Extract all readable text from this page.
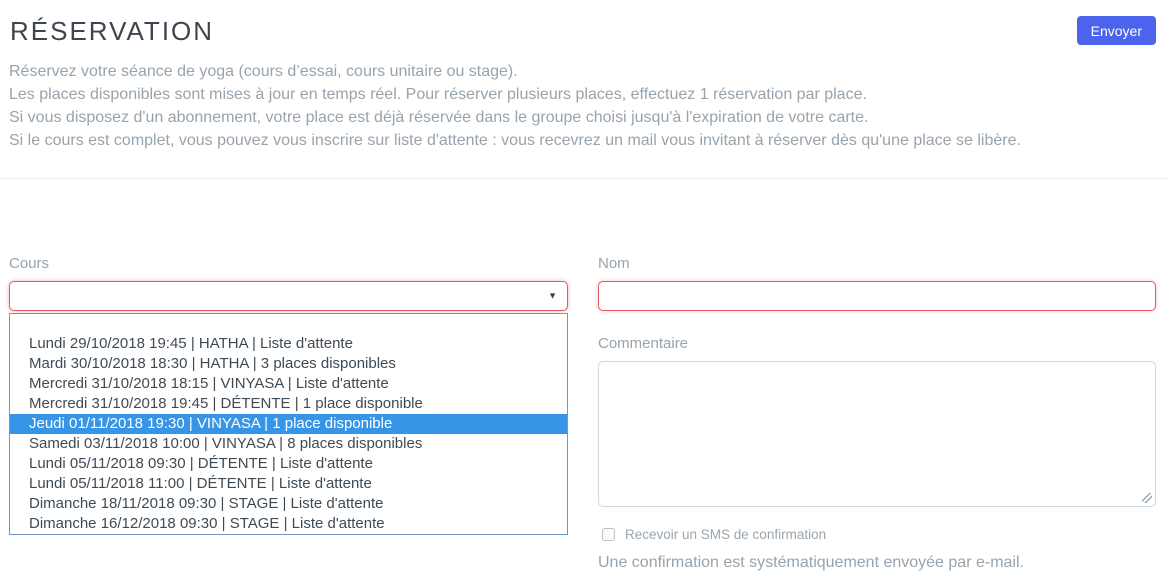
RÉSERVATION	Envoyer
Réservez votre séance de yoga (cours d’essai, cours unitaire ou stage).
Les places disponibles sont mises à jour en temps réel. Pour réserver plusieurs places, effectuez 1 réservation par place.
Si vous disposez d'un abonnement, votre place est déjà réservée dans le groupe choisi jusqu'à l'expiration de votre carte.
Si le cours est complet, vous pouvez vous inscrire sur liste d'attente : vous recevrez un mail vous invitant à réserver dès qu'une place se libère.
Cours
▼
Lundi 29/10/2018 19:45 | HATHA | Liste d'attente
Mardi 30/10/2018 18:30 | HATHA | 3 places disponibles
Mercredi 31/10/2018 18:15 | VINYASA | Liste d'attente
Mercredi 31/10/2018 19:45 | DÉTENTE | 1 place disponible
Jeudi 01/11/2018 19:30 | VINYASA | 1 place disponible
Samedi 03/11/2018 10:00 | VINYASA | 8 places disponibles
Lundi 05/11/2018 09:30 | DÉTENTE | Liste d'attente
Lundi 05/11/2018 11:00 | DÉTENTE | Liste d'attente
Dimanche 18/11/2018 09:30 | STAGE | Liste d'attente
Dimanche 16/12/2018 09:30 | STAGE | Liste d'attente
Nom
Commentaire
Recevoir un SMS de confirmation
Une confirmation est systématiquement envoyée par e-mail.
